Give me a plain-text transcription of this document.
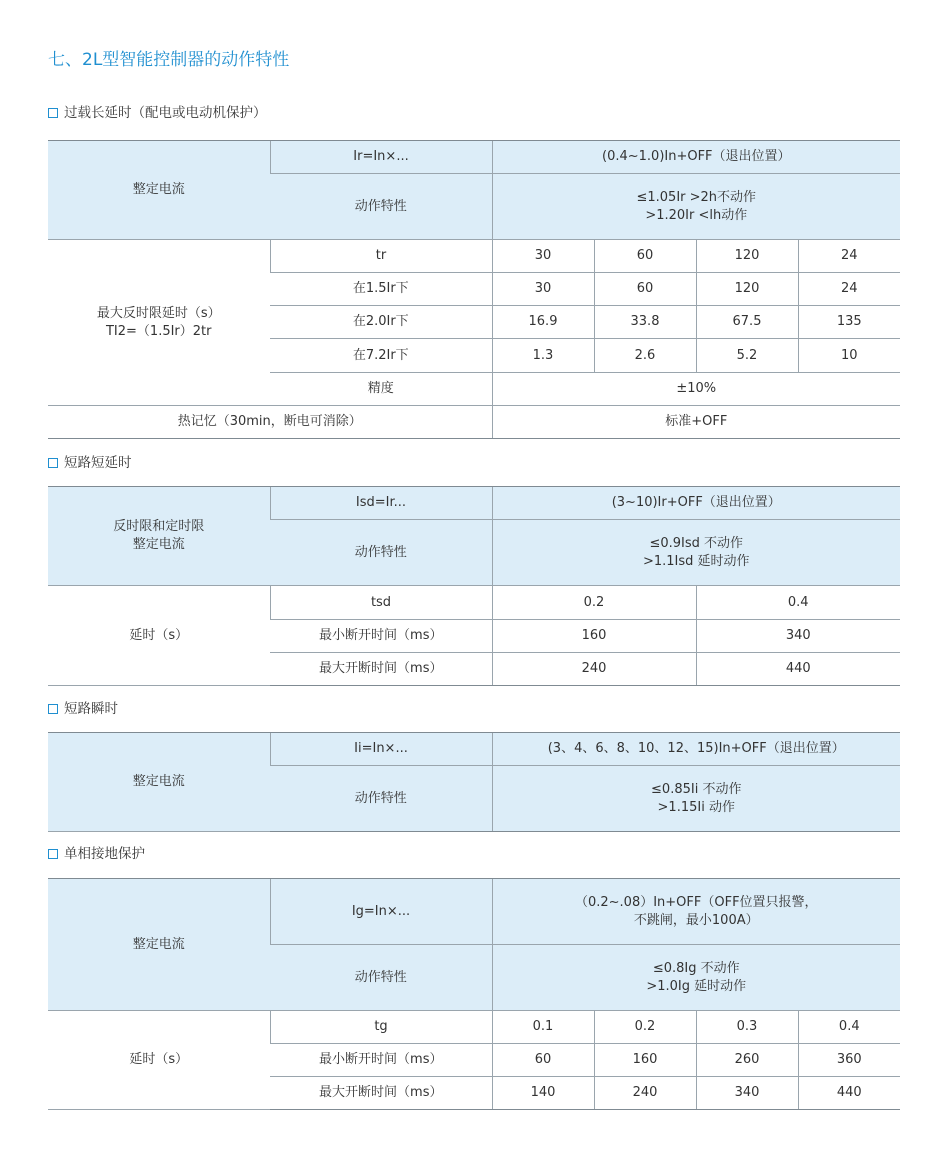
七、2L型智能控制器的动作特性
过载长延时（配电或电动机保护）
整定电流	Ir=In×...	(0.4~1.0)In+OFF（退出位置）			
	动作特性	≤1.05Ir >2h不动作
>1.20Ir <lh动作			

最大反时限延时（s）
TI2=（1.5Ir）2tr	tr	30	60	120	24
	在1.5Ir下	30	60	120	24
	在2.0Ir下	16.9	33.8	67.5	135
	在7.2Ir下	1.3	2.6	5.2	10
	精度	±10%			
热记忆（30min，断电可消除）		标准+OFF			
短路短延时
反时限和定时限
整定电流	Isd=Ir...	(3~10)Ir+OFF（退出位置）	
	动作特性	≤0.9Isd 不动作
>1.1Isd 延时动作	

延时（s）	tsd	0.2	0.4
	最小断开时间（ms）	160	340
	最大开断时间（ms）	240	440
短路瞬时
整定电流	Ii=In×...	(3、4、6、8、10、12、15)In+OFF（退出位置）
	动作特性	≤0.85Ii 不动作
>1.15Ii 动作
单相接地保护
整定电流	Ig=In×...	（0.2~.08）In+OFF（OFF位置只报警，
不跳闸，最小100A）			

	动作特性	≤0.8Ig 不动作
>1.0Ig 延时动作			

延时（s）	tg	0.1	0.2	0.3	0.4
	最小断开时间（ms）	60	160	260	360
	最大开断时间（ms）	140	240	340	440
